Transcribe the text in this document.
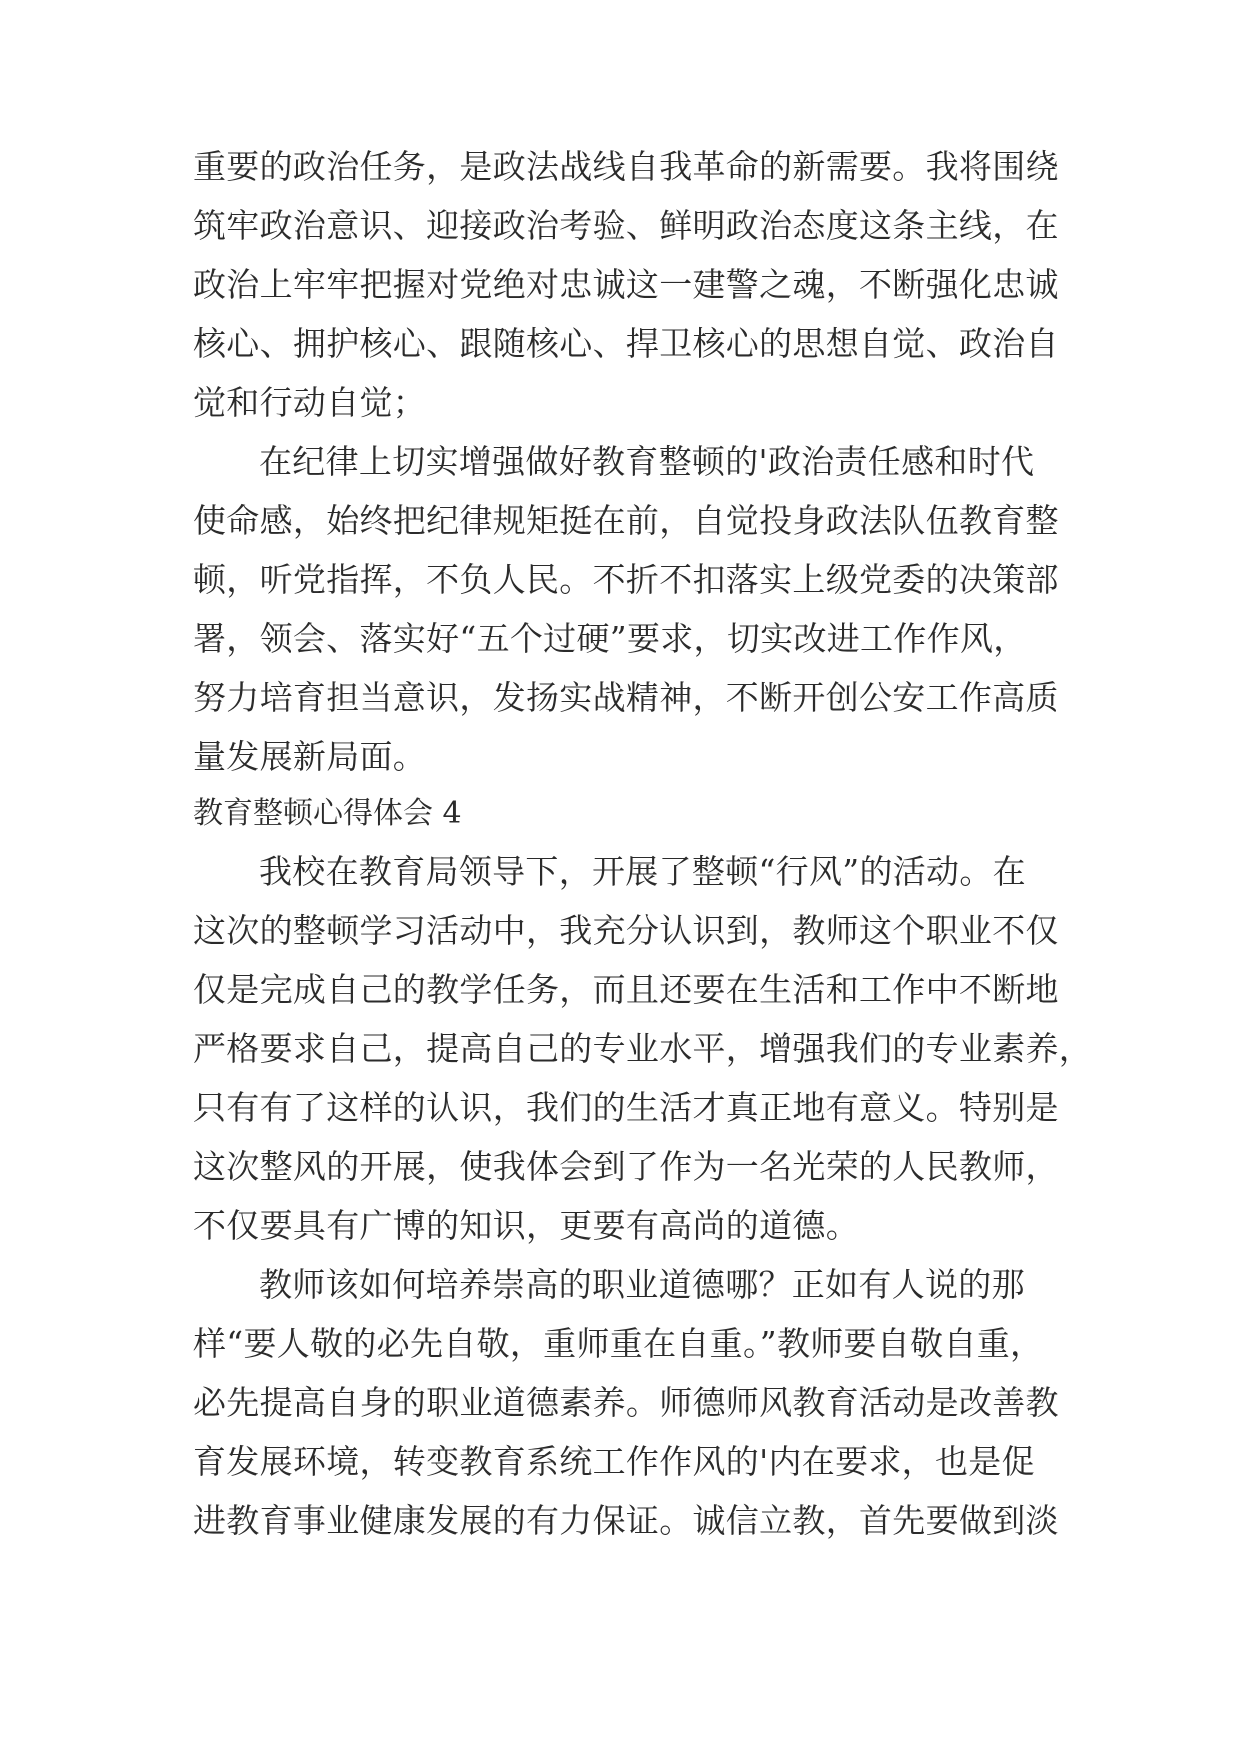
重要的政治任务，是政法战线自我革命的新需要。我将围绕
筑牢政治意识、迎接政治考验、鲜明政治态度这条主线，在
政治上牢牢把握对党绝对忠诚这一建警之魂，不断强化忠诚
核心、拥护核心、跟随核心、捍卫核心的思想自觉、政治自
觉和行动自觉；
在纪律上切实增强做好教育整顿的'政治责任感和时代
使命感，始终把纪律规矩挺在前，自觉投身政法队伍教育整
顿，听党指挥，不负人民。不折不扣落实上级党委的决策部
署，领会、落实好“五个过硬”要求，切实改进工作作风，
努力培育担当意识，发扬实战精神，不断开创公安工作高质
量发展新局面。
教育整顿心得体会 4
我校在教育局领导下，开展了整顿“行风”的活动。在
这次的整顿学习活动中，我充分认识到，教师这个职业不仅
仅是完成自己的教学任务，而且还要在生活和工作中不断地
严格要求自己，提高自己的专业水平，增强我们的专业素养，
只有有了这样的认识，我们的生活才真正地有意义。特别是
这次整风的开展，使我体会到了作为一名光荣的人民教师，
不仅要具有广博的知识，更要有高尚的道德。
教师该如何培养崇高的职业道德哪？正如有人说的那
样“要人敬的必先自敬，重师重在自重。”教师要自敬自重，
必先提高自身的职业道德素养。师德师风教育活动是改善教
育发展环境，转变教育系统工作作风的'内在要求，也是促
进教育事业健康发展的有力保证。诚信立教，首先要做到淡
